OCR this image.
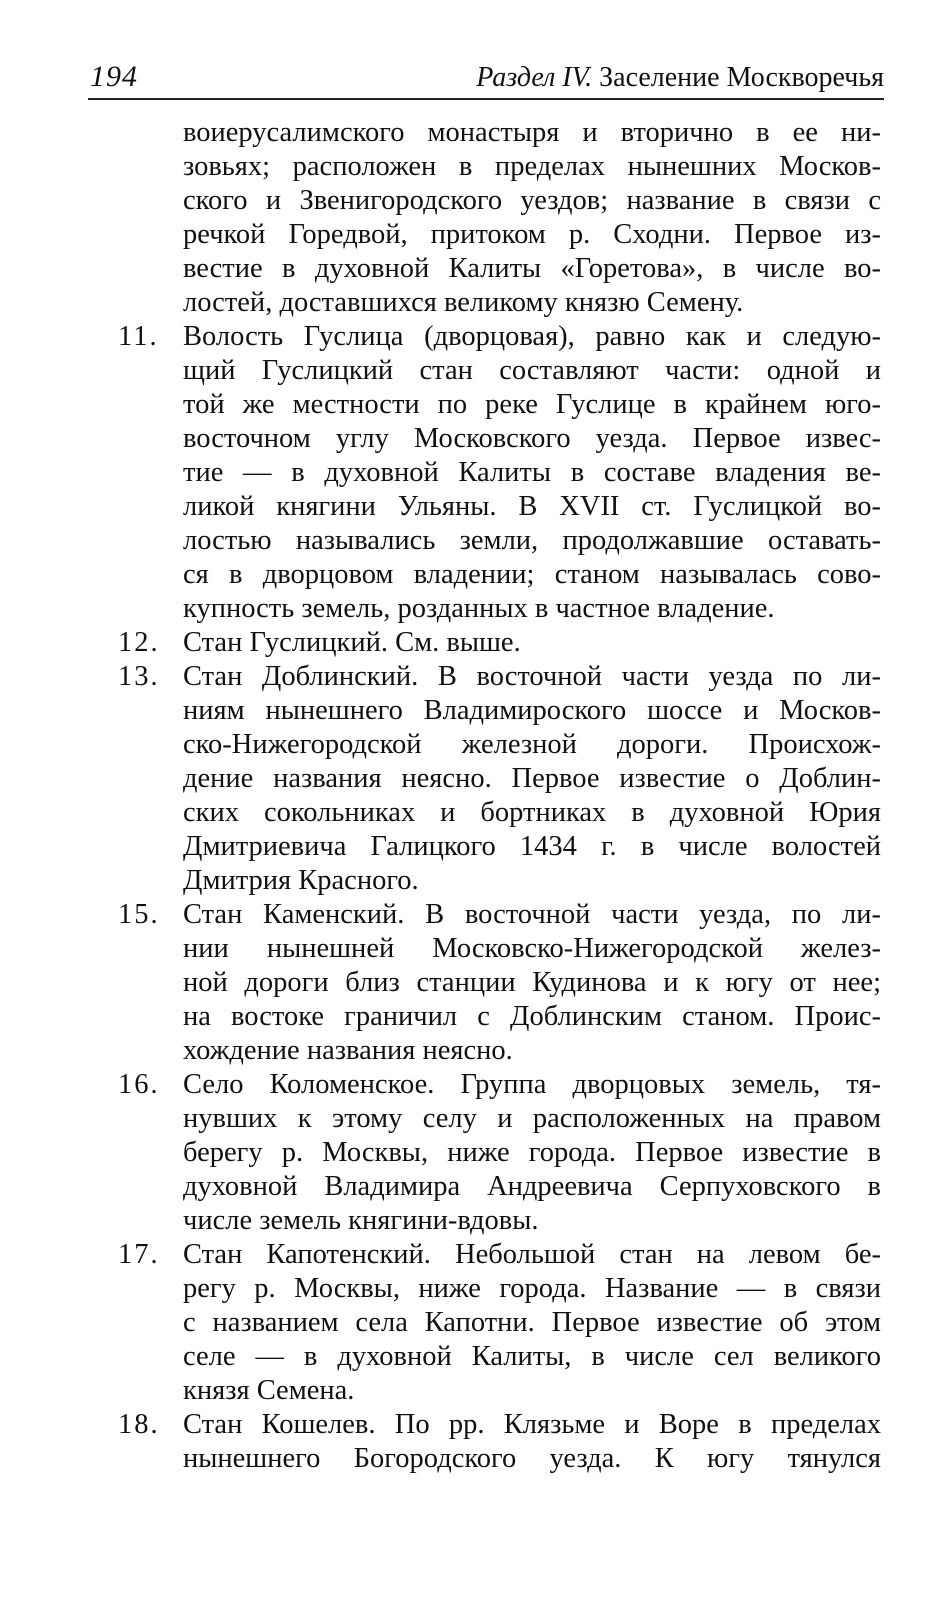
194	Раздел IV. Заселение Москворечья
воиерусалимского монастыря и вторично в ее ни-
зовьях; расположен в пределах нынешних Москов-
ского и Звенигородского уездов; название в связи с
речкой Горедвой, притоком р. Сходни. Первое из-
вестие в духовной Калиты «Горетова», в числе во-
лостей, доставшихся великому князю Семену.
11. Волость Гуслица (дворцовая), равно как и следую-
щий Гуслицкий стан составляют части: одной и
той же местности по реке Гуслице в крайнем юго-
восточном углу Московского уезда. Первое извес-
тие — в духовной Калиты в составе владения ве-
ликой княгини Ульяны. В XVII ст. Гуслицкой во-
лостью назывались земли, продолжавшие оставать-
ся в дворцовом владении; станом называлась сово-
купность земель, розданных в частное владение.
12. Стан Гуслицкий. См. выше.
13. Стан Доблинский. В восточной части уезда по ли-
ниям нынешнего Владимироского шоссе и Москов-
ско-Нижегородской железной дороги. Происхож-
дение названия неясно. Первое известие о Доблин-
ских сокольниках и бортниках в духовной Юрия
Дмитриевича Галицкого 1434 г. в числе волостей
Дмитрия Красного.
15. Стан Каменский. В восточной части уезда, по ли-
нии нынешней Московско-Нижегородской желез-
ной дороги близ станции Кудинова и к югу от нее;
на востоке граничил с Доблинским станом. Проис-
хождение названия неясно.
16. Село Коломенское. Группа дворцовых земель, тя-
нувших к этому селу и расположенных на правом
берегу р. Москвы, ниже города. Первое известие в
духовной Владимира Андреевича Серпуховского в
числе земель княгини-вдовы.
17. Стан Капотенский. Небольшой стан на левом бе-
регу р. Москвы, ниже города. Название — в связи
с названием села Капотни. Первое известие об этом
селе — в духовной Калиты, в числе сел великого
князя Семена.
18. Стан Кошелев. По рр. Клязьме и Воре в пределах
нынешнего Богородского уезда. К югу тянулся
